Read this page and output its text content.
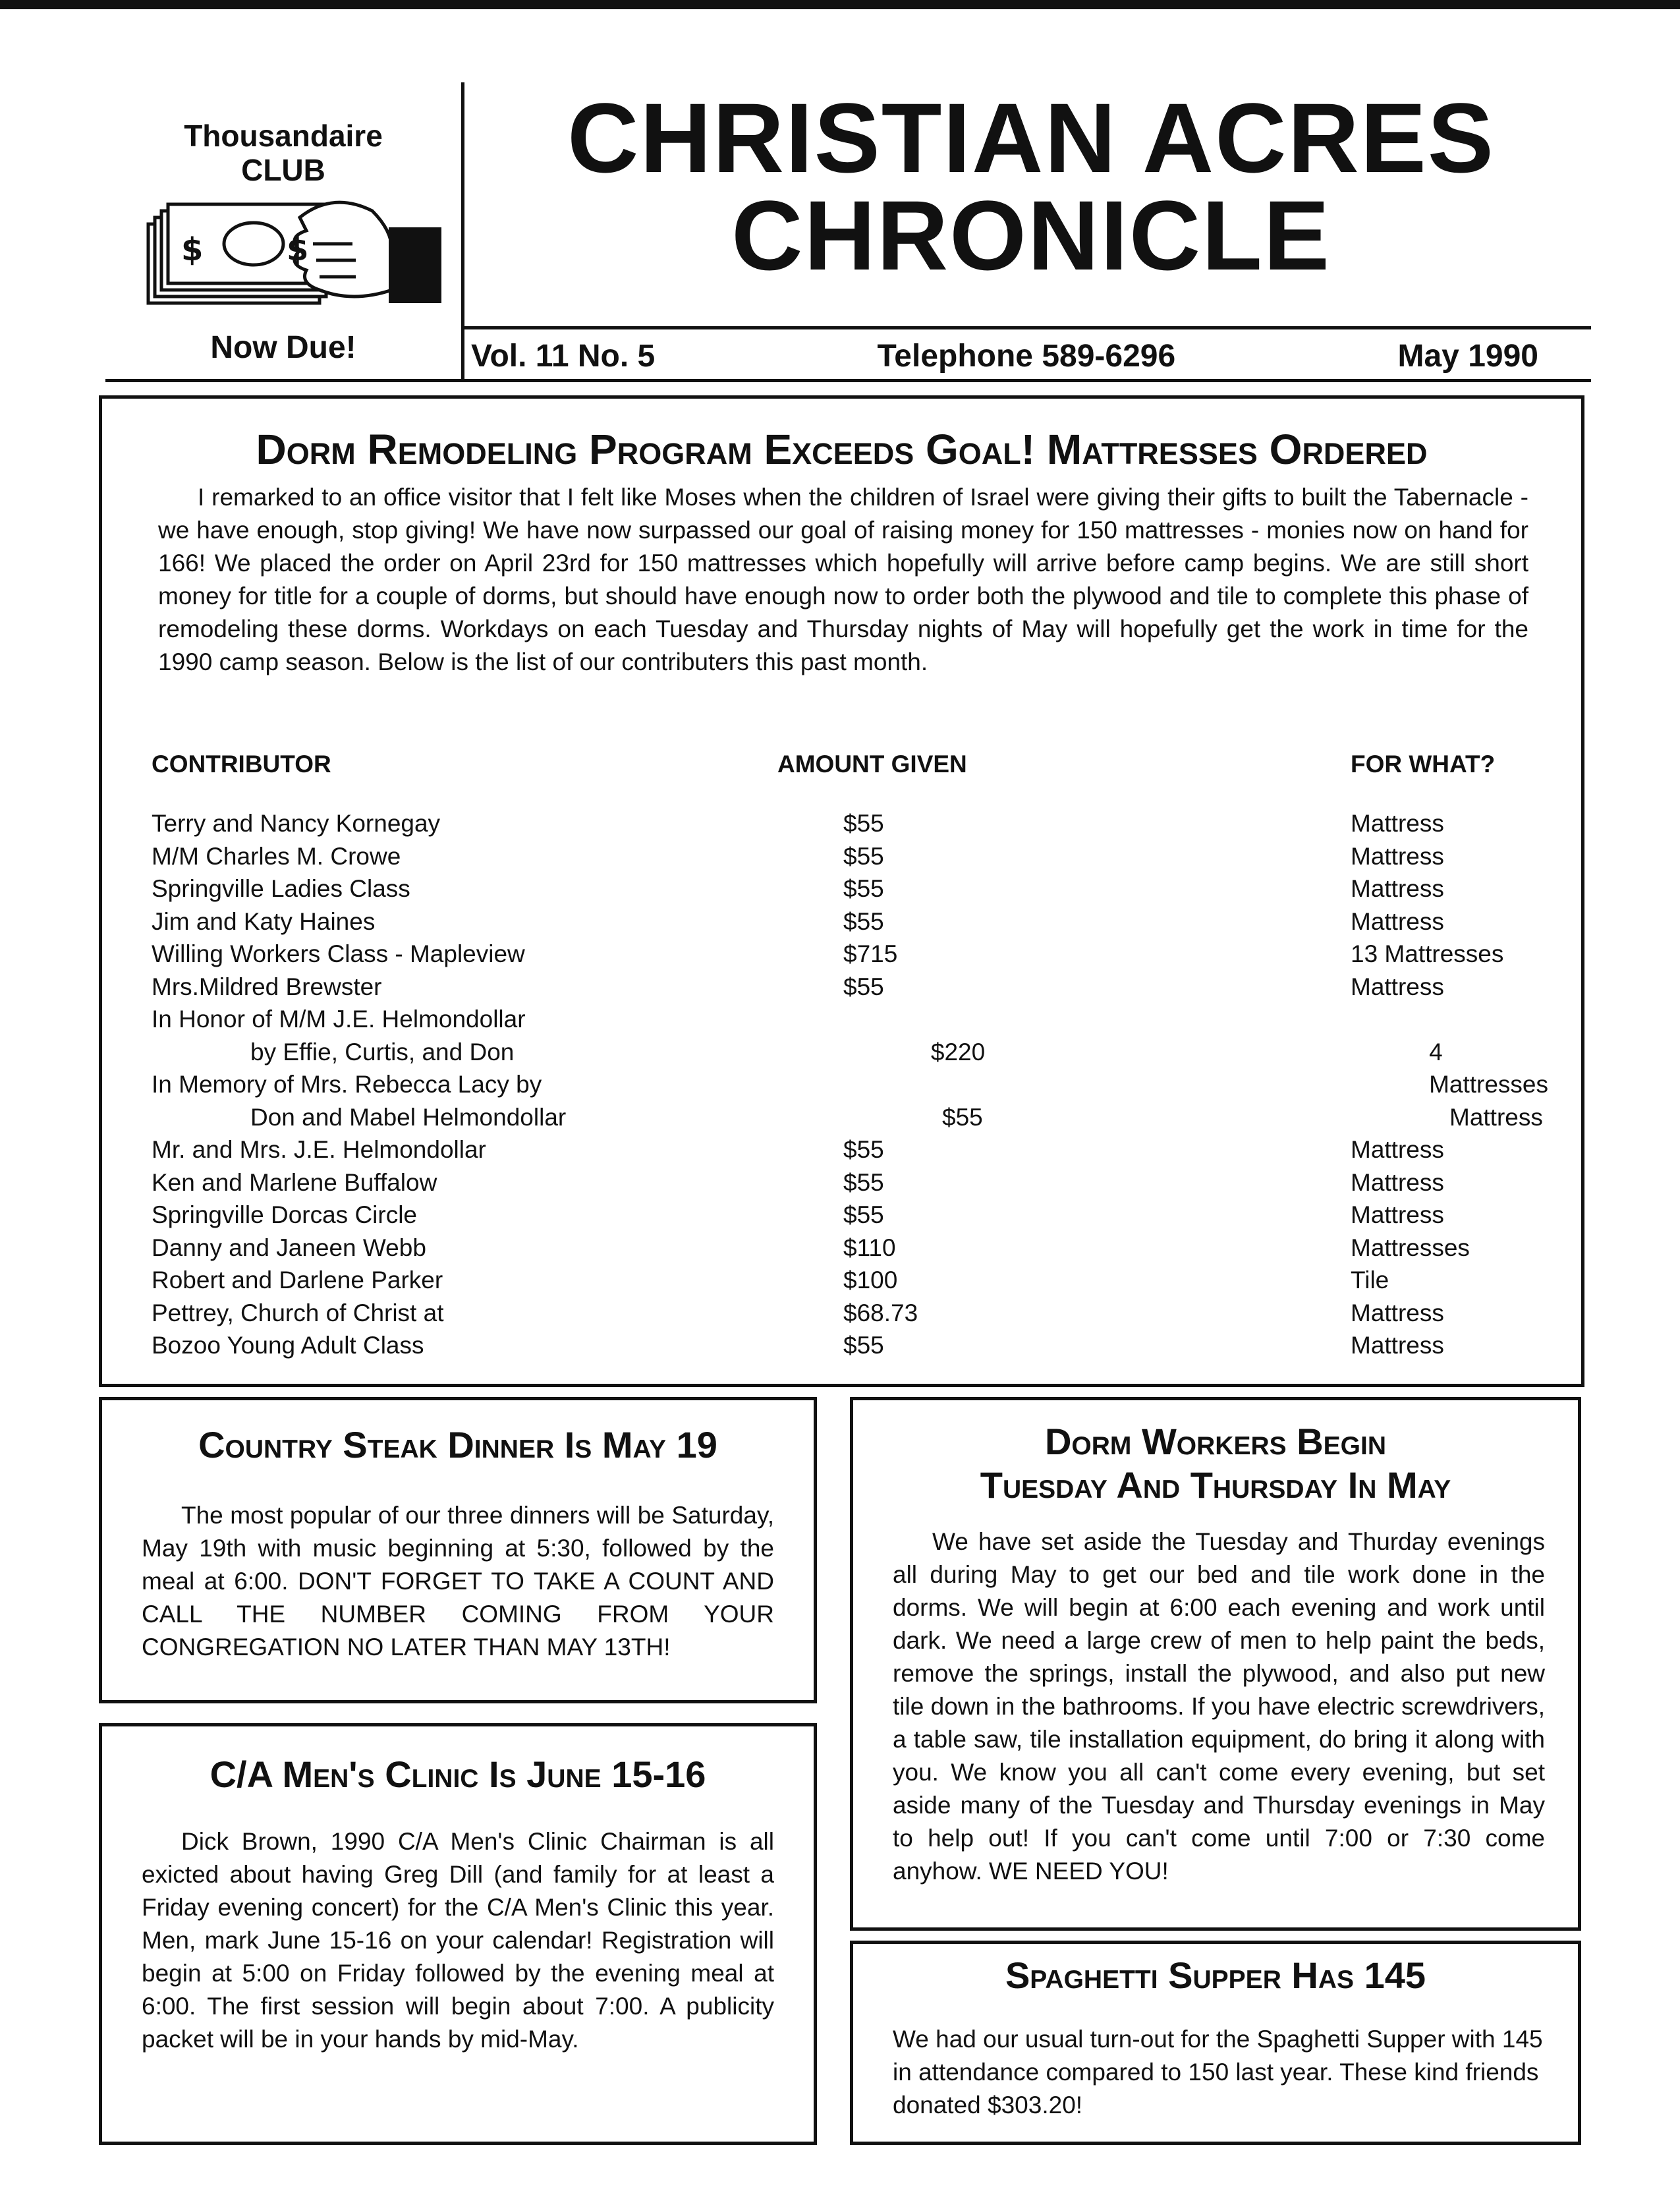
Thousandaire
CLUB
$	$
Now Due!
CHRISTIAN ACRES
CHRONICLE
Vol. 11 No. 5	Telephone 589-6296	May 1990
Dorm Remodeling Program Exceeds Goal! Mattresses Ordered

I remarked to an office visitor that I felt like Moses when the children of Israel were giving their gifts to built the Tabernacle - we have enough, stop giving! We have now surpassed our goal of raising money for 150 mattresses - monies now on hand for 166! We placed the order on April 23rd for 150 mattresses which hopefully will arrive before camp begins. We are still short money for title for a couple of dorms, but should have enough now to order both the plywood and tile to complete this phase of remodeling these dorms. Workdays on each Tuesday and Thursday nights of May will hopefully get the work in time for the 1990 camp season. Below is the list of our contributers this past month.

CONTRIBUTOR	AMOUNT GIVEN	FOR WHAT?
Terry and Nancy Kornegay	$55	Mattress
M/M Charles M. Crowe	$55	Mattress
Springville Ladies Class	$55	Mattress
Jim and Katy Haines	$55	Mattress
Willing Workers Class - Mapleview	$715	13 Mattresses
Mrs.Mildred Brewster	$55	Mattress
In Honor of M/M J.E. Helmondollar
by Effie, Curtis, and Don	$220	4 Mattresses
In Memory of Mrs. Rebecca Lacy by
Don and Mabel Helmondollar	$55	Mattress
Mr. and Mrs. J.E. Helmondollar	$55	Mattress
Ken and Marlene Buffalow	$55	Mattress
Springville Dorcas Circle	$55	Mattress
Danny and Janeen Webb	$110	Mattresses
Robert and Darlene Parker	$100	Tile
Pettrey, Church of Christ at	$68.73	Mattress
Bozoo Young Adult Class	$55	Mattress
Country Steak Dinner Is May 19

The most popular of our three dinners will be Saturday, May 19th with music beginning at 5:30, followed by the meal at 6:00. DON'T FORGET TO TAKE A COUNT AND CALL THE NUMBER COMING FROM YOUR CONGREGATION NO LATER THAN MAY 13TH!

C/A Men's Clinic Is June 15-16

Dick Brown, 1990 C/A Men's Clinic Chairman is all exicted about having Greg Dill (and family for at least a Friday evening concert) for the C/A Men's Clinic this year. Men, mark June 15-16 on your calendar! Registration will begin at 5:00 on Friday followed by the evening meal at 6:00. The first session will begin about 7:00. A publicity packet will be in your hands by mid-May.

Dorm Workers Begin
Tuesday And Thursday In May

We have set aside the Tuesday and Thurday evenings all during May to get our bed and tile work done in the dorms. We will begin at 6:00 each evening and work until dark. We need a large crew of men to help paint the beds, remove the springs, install the plywood, and also put new tile down in the bathrooms. If you have electric screwdrivers, a table saw, tile installation equipment, do bring it along with you. We know you all can't come every evening, but set aside many of the Tuesday and Thursday evenings in May to help out! If you can't come until 7:00 or 7:30 come anyhow. WE NEED YOU!

Spaghetti Supper Has 145

We had our usual turn-out for the Spaghetti Supper with 145 in attendance compared to 150 last year. These kind friends donated $303.20!
